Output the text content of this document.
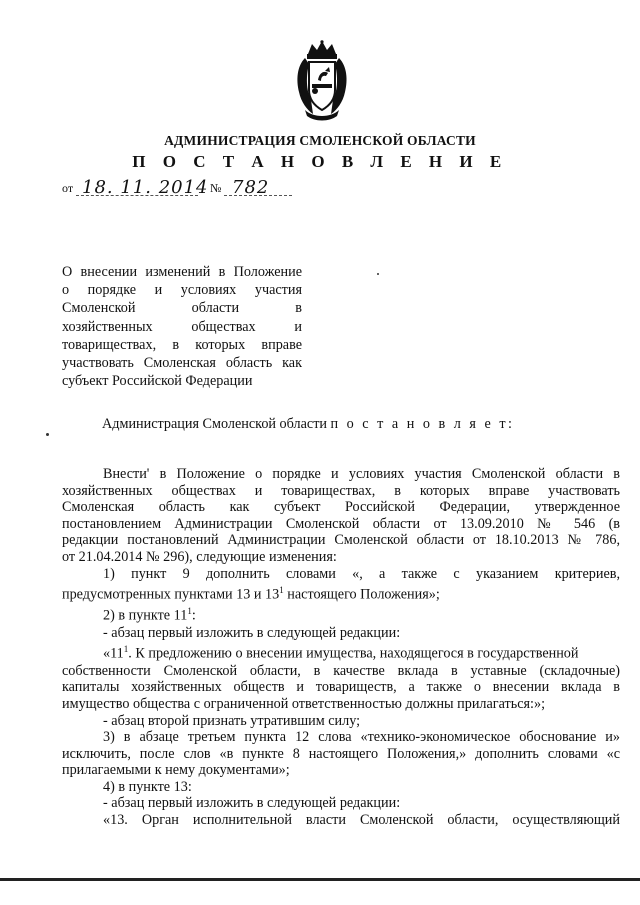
АДМИНИСТРАЦИЯ СМОЛЕНСКОЙ ОБЛАСТИ
П О С Т А Н О В Л Е Н И Е
от 18. 11. 2014 № 782
О внесении изменений в Положение
о порядке и условиях участия
Смоленской области в
хозяйственных обществах и
товариществах, в которых вправе
участвовать Смоленская область как
субъект Российской Федерации
Администрация Смоленской области п о с т а н о в л я е т:
Внести' в Положение о порядке и условиях участия Смоленской области в
хозяйственных обществах и товариществах, в которых вправе участвовать
Смоленская область как субъект Российской Федерации, утвержденное
постановлением Администрации Смоленской области от 13.09.2010 № 546 (в
редакции постановлений Администрации Смоленской области от 18.10.2013 № 786,
от 21.04.2014 № 296), следующие изменения:
1) пункт 9 дополнить словами «, а также с указанием критериев,
предусмотренных пунктами 13 и $13^1$ настоящего Положения»;
2) в пункте $11^1$:
- абзац первый изложить в следующей редакции:
«$11^1$. К предложению о внесении имущества, находящегося в государственной
собственности Смоленской области, в качестве вклада в уставные (складочные)
капиталы хозяйственных обществ и товариществ, а также о внесении вклада в
имущество общества с ограниченной ответственностью должны прилагаться:»;
- абзац второй признать утратившим силу;
3) в абзаце третьем пункта 12 слова «технико-экономическое обоснование и»
исключить, после слов «в пункте 8 настоящего Положения,» дополнить словами «с
прилагаемыми к нему документами»;
4) в пункте 13:
- абзац первый изложить в следующей редакции:
«13. Орган исполнительной власти Смоленской области, осуществляющий
